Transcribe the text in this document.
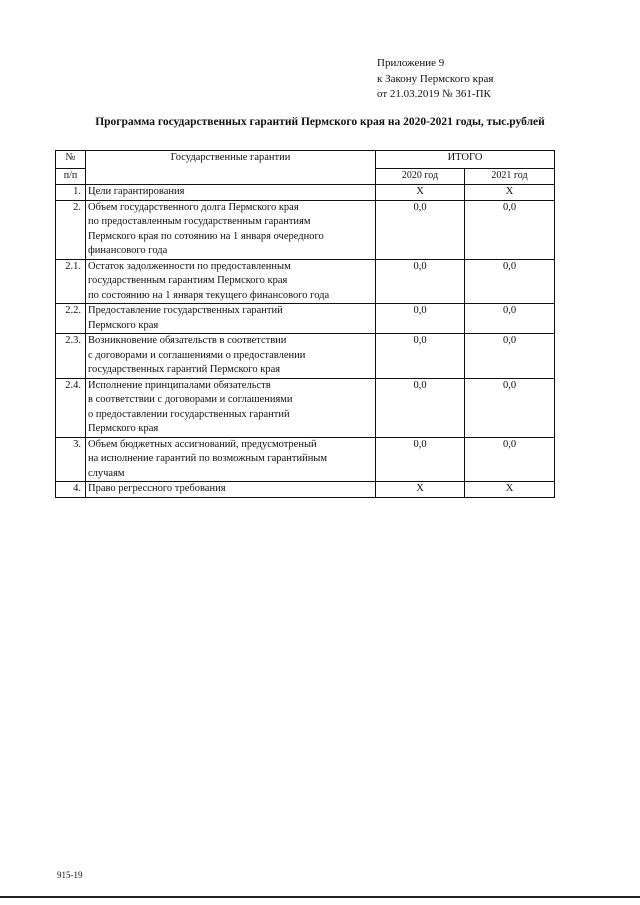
Приложение 9
к Закону Пермского края
от 21.03.2019 № 361-ПК
Программа государственных гарантий Пермского края на 2020-2021 годы, тыс.рублей
№	Государственные гарантии	ИТОГО	
п/п		2020 год	2021 год
1.	Цели гарантирования	Х	Х
2.	Объем государственного долга Пермского края
по предоставленным государственным гарантиям
Пермского края по сотоянию на 1 января очередного
финансового года	0,0	0,0
2.1.	Остаток задолженности по предоставленным
государственным гарантиям Пермского края
по состоянию на 1 января текущего финансового года	0,0	0,0
2.2.	Предоставление государственных гарантий
Пермского края	0,0	0,0
2.3.	Возникновение обязательств в соответствии
с договорами и соглашениями о предоставлении
государственных гарантий Пермского края	0,0	0,0
2.4.	Исполнение принципалами обязательств
в соответствии с договорами и соглашениями
о предоставлении государственных гарантий
Пермского края	0,0	0,0
3.	Объем бюджетных ассигнований, предусмотреный
на исполнение гарантий по возможным гарантийным
случаям	0,0	0,0
4.	Право регрессного требования	Х	Х
915-19
